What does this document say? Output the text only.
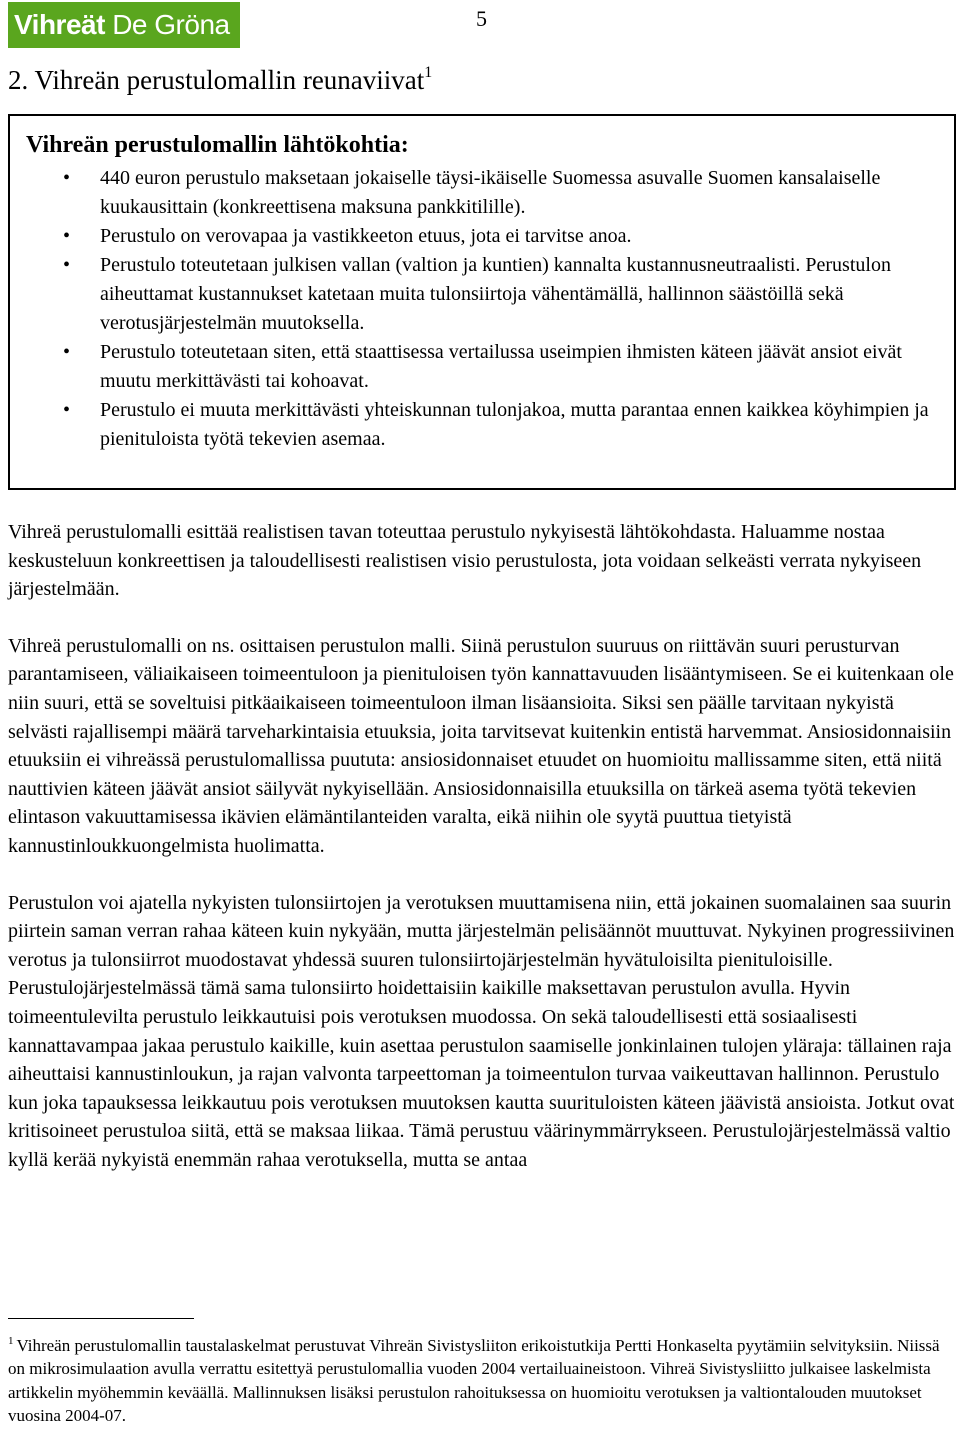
Vihreät De Gröna	5
2. Vihreän perustulomallin reunaviivat$^1$
Vihreän perustulomallin lähtökohtia:
• 440 euron perustulo maksetaan jokaiselle täysi-ikäiselle Suomessa asuvalle Suomen kansalaiselle kuukausittain (konkreettisena maksuna pankkitilille).
• Perustulo on verovapaa ja vastikkeeton etuus, jota ei tarvitse anoa.
• Perustulo toteutetaan julkisen vallan (valtion ja kuntien) kannalta kustannusneutraalisti. Perustulon aiheuttamat kustannukset katetaan muita tulonsiirtoja vähentämällä, hallinnon säästöillä sekä verotusjärjestelmän muutoksella.
• Perustulo toteutetaan siten, että staattisessa vertailussa useimpien ihmisten käteen jäävät ansiot eivät muutu merkittävästi tai kohoavat.
• Perustulo ei muuta merkittävästi yhteiskunnan tulonjakoa, mutta parantaa ennen kaikkea köyhimpien ja pienituloista työtä tekevien asemaa.

Vihreä perustulomalli esittää realistisen tavan toteuttaa perustulo nykyisestä lähtökohdasta. Haluamme nostaa keskusteluun konkreettisen ja taloudellisesti realistisen visio perustulosta, jota voidaan selkeästi verrata nykyiseen järjestelmään.

Vihreä perustulomalli on ns. osittaisen perustulon malli. Siinä perustulon suuruus on riittävän suuri perusturvan parantamiseen, väliaikaiseen toimeentuloon ja pienituloisen työn kannattavuuden lisääntymiseen. Se ei kuitenkaan ole niin suuri, että se soveltuisi pitkäaikaiseen toimeentuloon ilman lisäansioita. Siksi sen päälle tarvitaan nykyistä selvästi rajallisempi määrä tarveharkintaisia etuuksia, joita tarvitsevat kuitenkin entistä harvemmat. Ansiosidonnaisiin etuuksiin ei vihreässä perustulomallissa puututa: ansiosidonnaiset etuudet on huomioitu mallissamme siten, että niitä nauttivien käteen jäävät ansiot säilyvät nykyisellään. Ansiosidonnaisilla etuuksilla on tärkeä asema työtä tekevien elintason vakuuttamisessa ikävien elämäntilanteiden varalta, eikä niihin ole syytä puuttua tietyistä kannustinloukkuongelmista huolimatta.

Perustulon voi ajatella nykyisten tulonsiirtojen ja verotuksen muuttamisena niin, että jokainen suomalainen saa suurin piirtein saman verran rahaa käteen kuin nykyään, mutta järjestelmän pelisäännöt muuttuvat. Nykyinen progressiivinen verotus ja tulonsiirrot muodostavat yhdessä suuren tulonsiirtojärjestelmän hyvätuloisilta pienituloisille. Perustulojärjestelmässä tämä sama tulonsiirto hoidettaisiin kaikille maksettavan perustulon avulla. Hyvin toimeentulevilta perustulo leikkautuisi pois verotuksen muodossa. On sekä taloudellisesti että sosiaalisesti kannattavampaa jakaa perustulo kaikille, kuin asettaa perustulon saamiselle jonkinlainen tulojen yläraja: tällainen raja aiheuttaisi kannustinloukun, ja rajan valvonta tarpeettoman ja toimeentulon turvaa vaikeuttavan hallinnon. Perustulo kun joka tapauksessa leikkautuu pois verotuksen muutoksen kautta suurituloisten käteen jäävistä ansioista. Jotkut ovat kritisoineet perustuloa siitä, että se maksaa liikaa. Tämä perustuu väärinymmärrykseen. Perustulojärjestelmässä valtio kyllä kerää nykyistä enemmän rahaa verotuksella, mutta se antaa

$^1$ Vihreän perustulomallin taustalaskelmat perustuvat Vihreän Sivistysliiton erikoistutkija Pertti Honkaselta pyytämiin selvityksiin. Niissä on mikrosimulaation avulla verrattu esitettyä perustulomallia vuoden 2004 vertailuaineistoon. Vihreä Sivistysliitto julkaisee laskelmista artikkelin myöhemmin keväällä. Mallinnuksen lisäksi perustulon rahoituksessa on huomioitu verotuksen ja valtiontalouden muutokset vuosina 2004-07.
